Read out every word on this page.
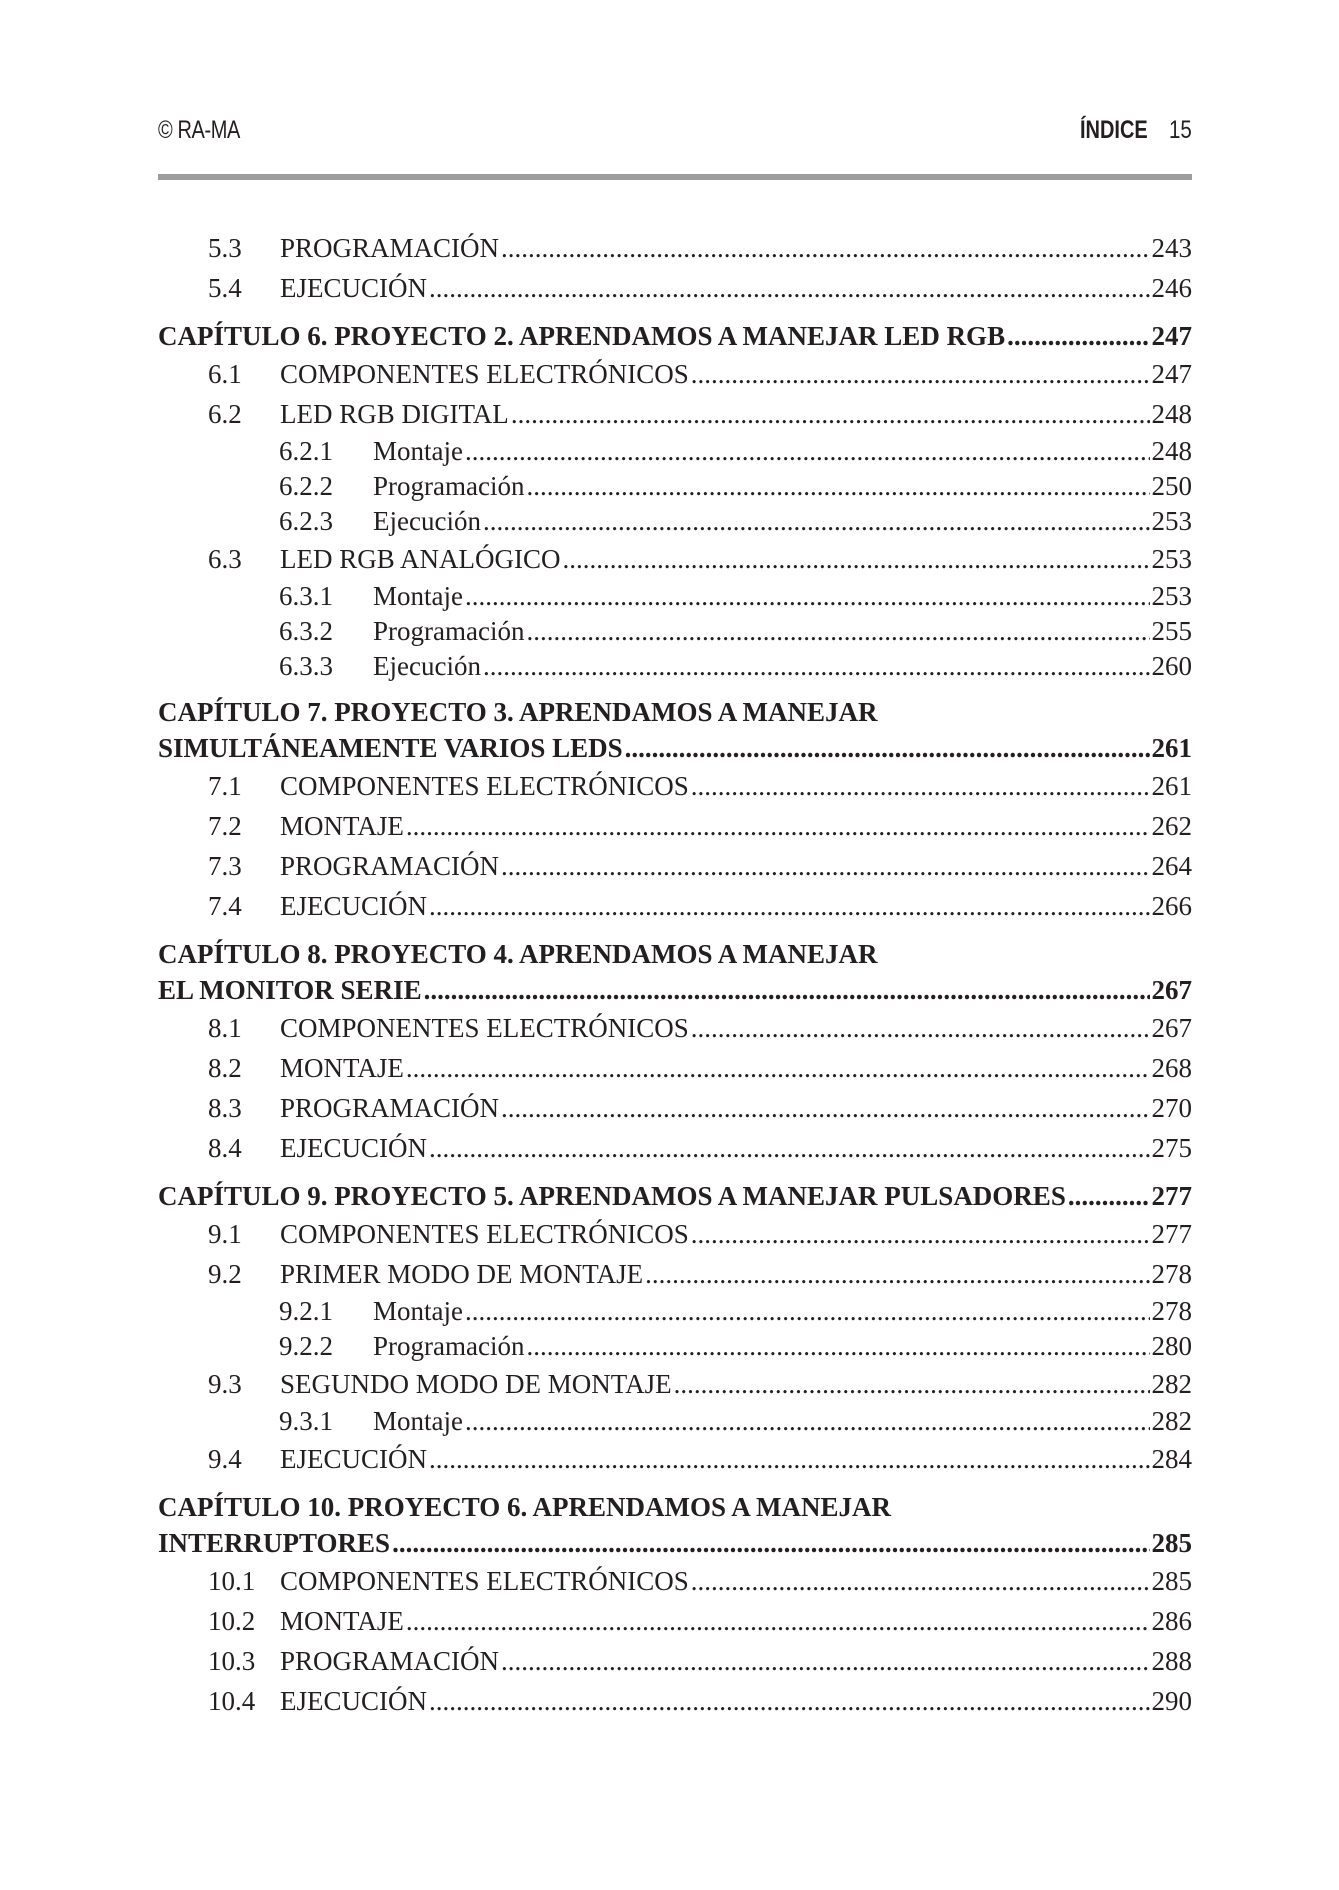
© RA-MA	ÍNDICE 15
5.3	PROGRAMACIÓN .....	243
5.4	EJECUCIÓN .....	246
CAPÍTULO 6. PROYECTO 2. APRENDAMOS A MANEJAR LED RGB .....	247
6.1	COMPONENTES ELECTRÓNICOS .....	247
6.2	LED RGB DIGITAL .....	248
6.2.1	Montaje .....	248
6.2.2	Programación .....	250
6.2.3	Ejecución .....	253
6.3	LED RGB ANALÓGICO .....	253
6.3.1	Montaje .....	253
6.3.2	Programación .....	255
6.3.3	Ejecución .....	260
CAPÍTULO 7. PROYECTO 3. APRENDAMOS A MANEJAR
SIMULTÁNEAMENTE VARIOS LEDS .....	261
7.1	COMPONENTES ELECTRÓNICOS .....	261
7.2	MONTAJE .....	262
7.3	PROGRAMACIÓN .....	264
7.4	EJECUCIÓN .....	266
CAPÍTULO 8. PROYECTO 4. APRENDAMOS A MANEJAR
EL MONITOR SERIE .....	267
8.1	COMPONENTES ELECTRÓNICOS .....	267
8.2	MONTAJE .....	268
8.3	PROGRAMACIÓN .....	270
8.4	EJECUCIÓN .....	275
CAPÍTULO 9. PROYECTO 5. APRENDAMOS A MANEJAR PULSADORES .....	277
9.1	COMPONENTES ELECTRÓNICOS .....	277
9.2	PRIMER MODO DE MONTAJE .....	278
9.2.1	Montaje .....	278
9.2.2	Programación .....	280
9.3	SEGUNDO MODO DE MONTAJE .....	282
9.3.1	Montaje .....	282
9.4	EJECUCIÓN .....	284
CAPÍTULO 10. PROYECTO 6. APRENDAMOS A MANEJAR
INTERRUPTORES .....	285
10.1 COMPONENTES ELECTRÓNICOS .....	285
10.2 MONTAJE .....	286
10.3 PROGRAMACIÓN .....	288
10.4 EJECUCIÓN .....	290
